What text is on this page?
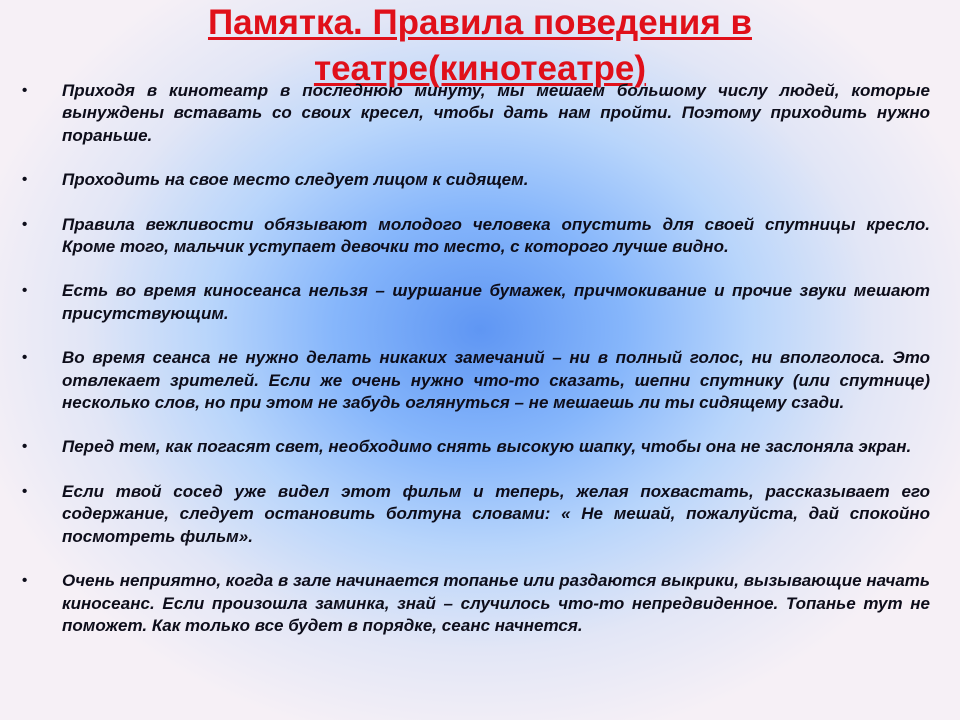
Памятка. Правила поведения в
театре(кинотеатре)
• Приходя в кинотеатр в последнюю минуту, мы мешаем большому числу людей, которые вынуждены вставать со своих кресел, чтобы дать нам пройти. Поэтому приходить нужно пораньше.
• Проходить на свое место следует лицом к сидящем.
• Правила вежливости обязывают молодого человека опустить для своей спутницы кресло. Кроме того, мальчик уступает девочки то место, с которого лучше видно.
• Есть во время киносеанса нельзя – шуршание бумажек, причмокивание и прочие звуки мешают присутствующим.
• Во время сеанса не нужно делать никаких замечаний – ни в полный голос, ни вполголоса. Это отвлекает зрителей. Если же очень нужно что-то сказать, шепни спутнику (или спутнице) несколько слов, но при этом не забудь оглянуться – не мешаешь ли ты сидящему сзади.
• Перед тем, как погасят свет, необходимо снять высокую шапку, чтобы она не заслоняла экран.
• Если твой сосед уже видел этот фильм и теперь, желая похвастать, рассказывает его содержание, следует остановить болтуна словами: « Не мешай, пожалуйста, дай спокойно посмотреть фильм».
• Очень неприятно, когда в зале начинается топанье или раздаются выкрики, вызывающие начать киносеанс. Если произошла заминка, знай – случилось что-то непредвиденное. Топанье тут не поможет. Как только все будет в порядке, сеанс начнется.
